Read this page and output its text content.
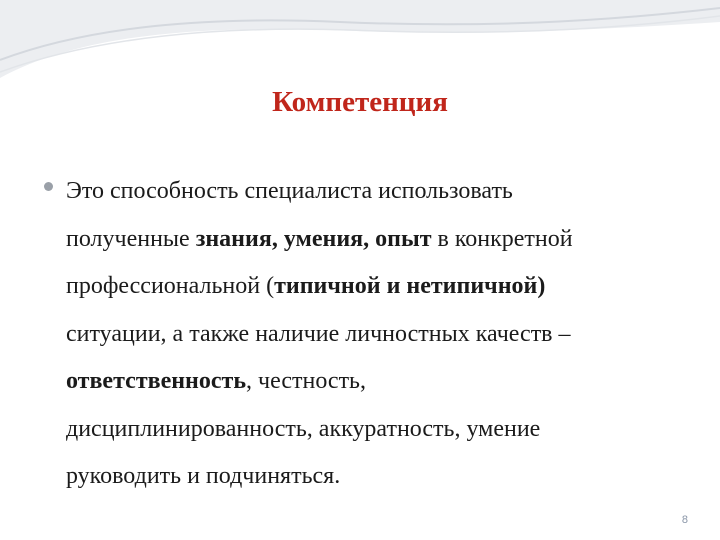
Компетенция
Это способность специалиста использовать
полученные знания, умения, опыт в конкретной
профессиональной (типичной и нетипичной)
ситуации, а также наличие личностных качеств –
ответственность, честность,
дисциплинированность, аккуратность, умение
руководить и подчиняться.
8
